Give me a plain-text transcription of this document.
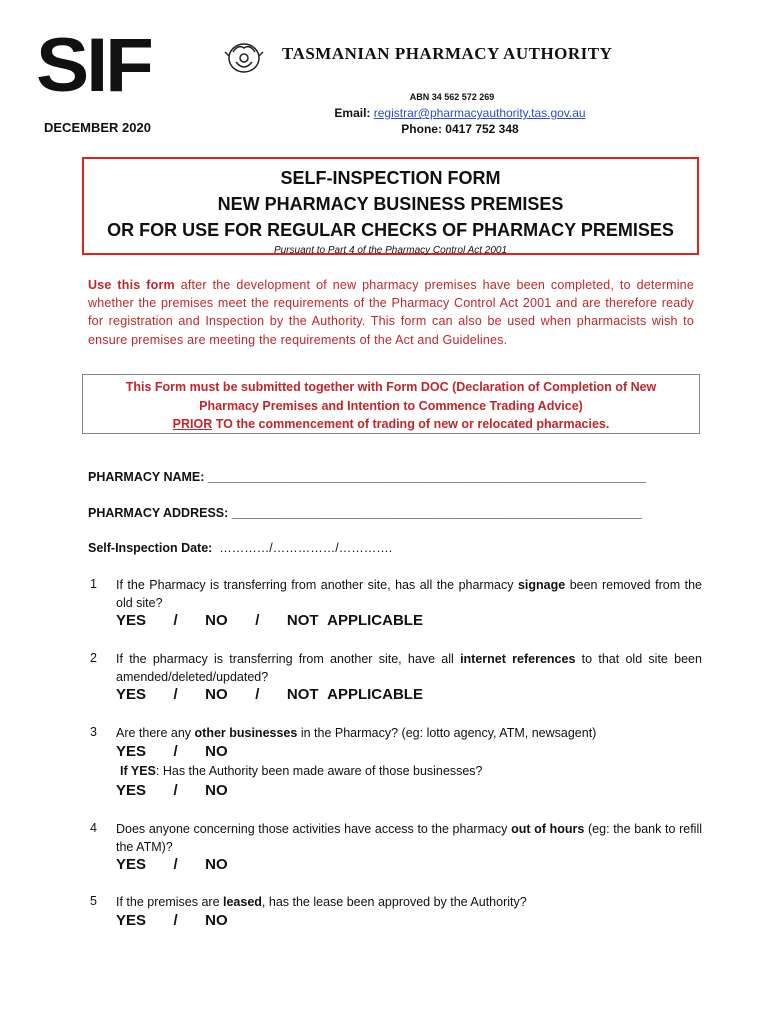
SIF
DECEMBER 2020
TASMANIAN PHARMACY AUTHORITY
ABN 34 562 572 269
Email: registrar@pharmacyauthority.tas.gov.au
Phone: 0417 752 348
SELF-INSPECTION FORM
NEW PHARMACY BUSINESS PREMISES
OR FOR USE FOR REGULAR CHECKS OF PHARMACY PREMISES
Pursuant to Part 4 of the Pharmacy Control Act 2001
Use this form after the development of new pharmacy premises have been completed, to determine whether the premises meet the requirements of the Pharmacy Control Act 2001 and are therefore ready for registration and Inspection by the Authority. This form can also be used when pharmacists wish to ensure premises are meeting the requirements of the Act and Guidelines.
This Form must be submitted together with Form DOC (Declaration of Completion of New
Pharmacy Premises and Intention to Commence Trading Advice)
PRIOR TO the commencement of trading of new or relocated pharmacies.
PHARMACY NAME: _______________________________________________________________
PHARMACY ADDRESS: ___________________________________________________________
Self-Inspection Date:  …………/……………/………….
1 If the Pharmacy is transferring from another site, has all the pharmacy signage been removed from the old site?
YES   /   NO   /   NOT APPLICABLE
2 If the pharmacy is transferring from another site, have all internet references to that old site been amended/deleted/updated?
YES   /   NO   /   NOT APPLICABLE
3 Are there any other businesses in the Pharmacy? (eg: lotto agency, ATM, newsagent)
YES   /   NO
If YES: Has the Authority been made aware of those businesses?
YES   /   NO
4 Does anyone concerning those activities have access to the pharmacy out of hours (eg: the bank to refill the ATM)?
YES   /   NO
5 If the premises are leased, has the lease been approved by the Authority?
YES   /   NO
